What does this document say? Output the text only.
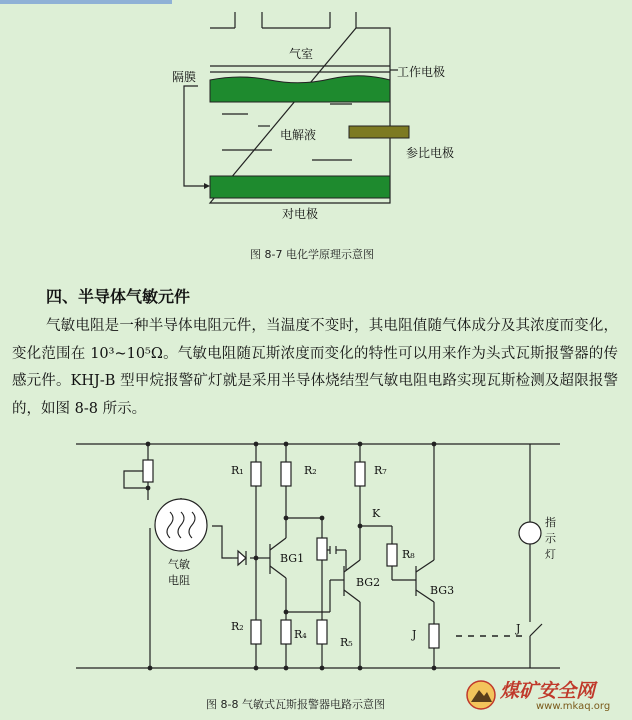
气室
隔膜	工作电极
电解液
参比电极
对电极
图 8-7 电化学原理示意图
四、半导体气敏元件
气敏电阻是一种半导体电阻元件，当温度不变时，其电阻值随气体成分及其浓度而变化，变化范围在 10³~10⁵Ω。气敏电阻随瓦斯浓度而变化的特性可以用来作为头式瓦斯报警器的传感元件。KHJ-B 型甲烷报警矿灯就是采用半导体烧结型气敏电阻电路实现瓦斯检测及超限报警的，如图 8-8 所示。
R₁	R₂	R₇
K
R₈
BG1
BG2
BG3
R₂
R₄
R₅
J	J
气敏
电阻
指
示
灯
图 8-8 气敏式瓦斯报警器电路示意图
煤矿安全网
www.mkaq.org
